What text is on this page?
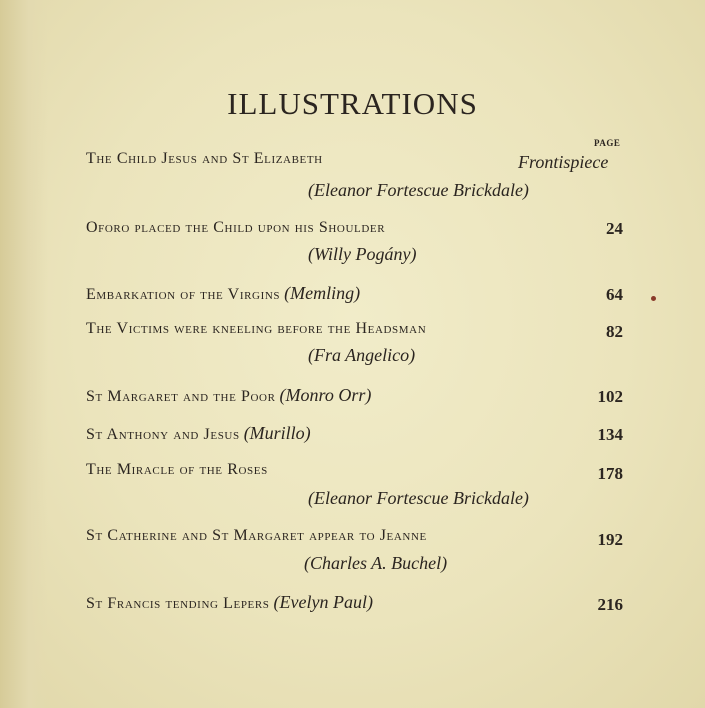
ILLUSTRATIONS
PAGE
The Child Jesus and St Elizabeth	Frontispiece
(Eleanor Fortescue Brickdale)
Oforo placed the Child upon his Shoulder	24
(Willy Pogány)
Embarkation of the Virgins (Memling)	64
The Victims were kneeling before the Headsman	82
(Fra Angelico)
St Margaret and the Poor (Monro Orr)	102
St Anthony and Jesus (Murillo)	134
The Miracle of the Roses	178
(Eleanor Fortescue Brickdale)
St Catherine and St Margaret appear to Jeanne	192
(Charles A. Buchel)
St Francis tending Lepers (Evelyn Paul)	216
